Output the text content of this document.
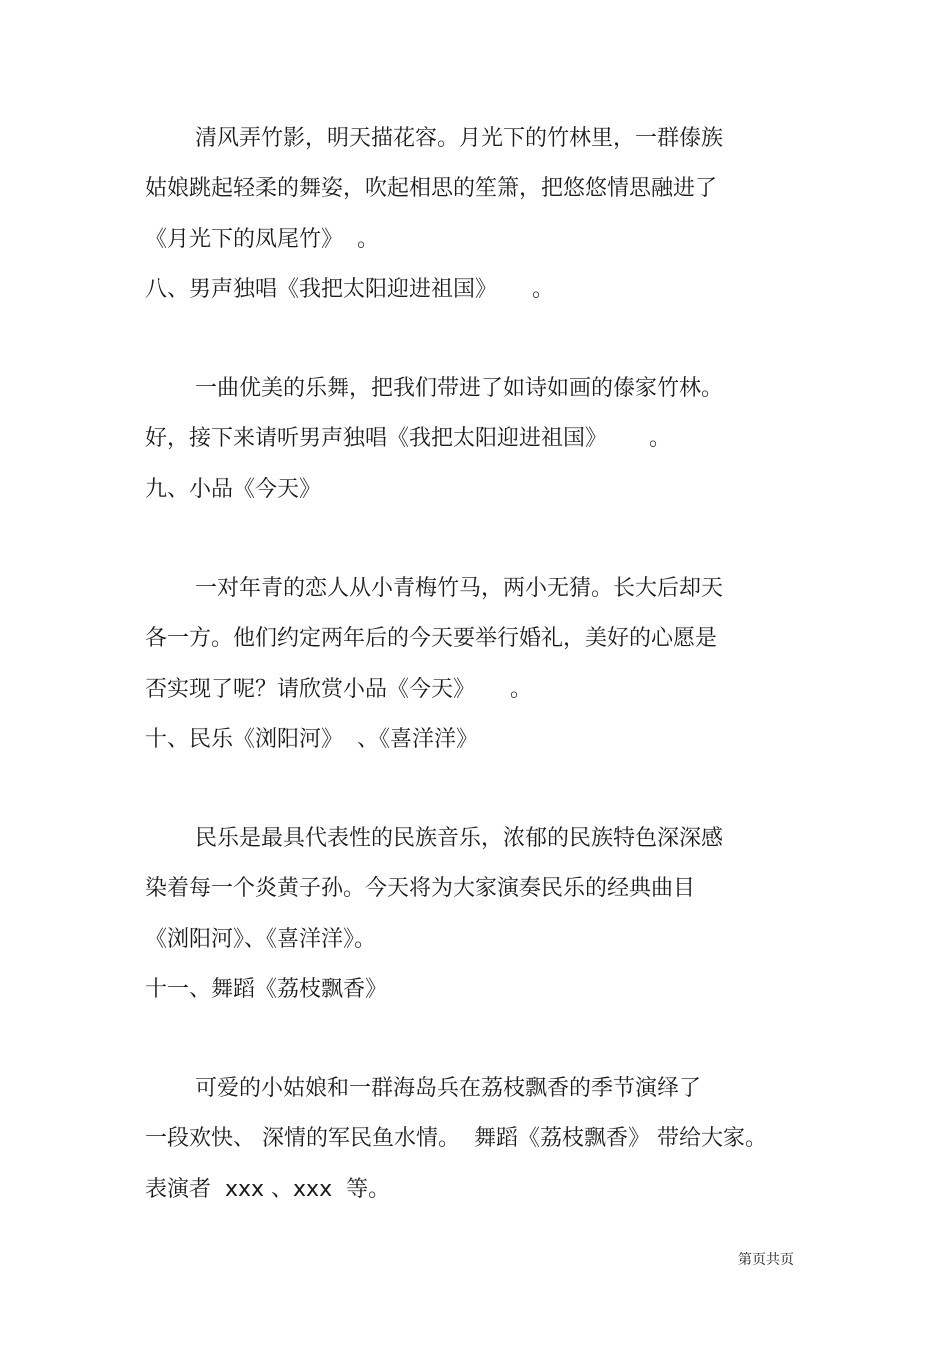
清风弄竹影，明天描花容。月光下的竹林里，一群傣族

姑娘跳起轻柔的舞姿，吹起相思的笙箫，把悠悠情思融进了

《月光下的凤尾竹》  。

八、男声独唱《我把太阳迎进祖国》     。

一曲优美的乐舞，把我们带进了如诗如画的傣家竹林。

好，接下来请听男声独唱《我把太阳迎进祖国》      。

九、小品《今天》

一对年青的恋人从小青梅竹马，两小无猜。长大后却天

各一方。他们约定两年后的今天要举行婚礼，美好的心愿是

否实现了呢？请欣赏小品《今天》     。

十、民乐《浏阳河》  、《喜洋洋》

民乐是最具代表性的民族音乐，浓郁的民族特色深深感

染着每一个炎黄子孙。今天将为大家演奏民乐的经典曲目

《浏阳河》、《喜洋洋》。

十一、舞蹈《荔枝飘香》

可爱的小姑娘和一群海岛兵在荔枝飘香的季节演绎了

一段欢快、 深情的军民鱼水情。  舞蹈《荔枝飘香》 带给大家。

表演者  xxx 、xxx  等。

第页共页
